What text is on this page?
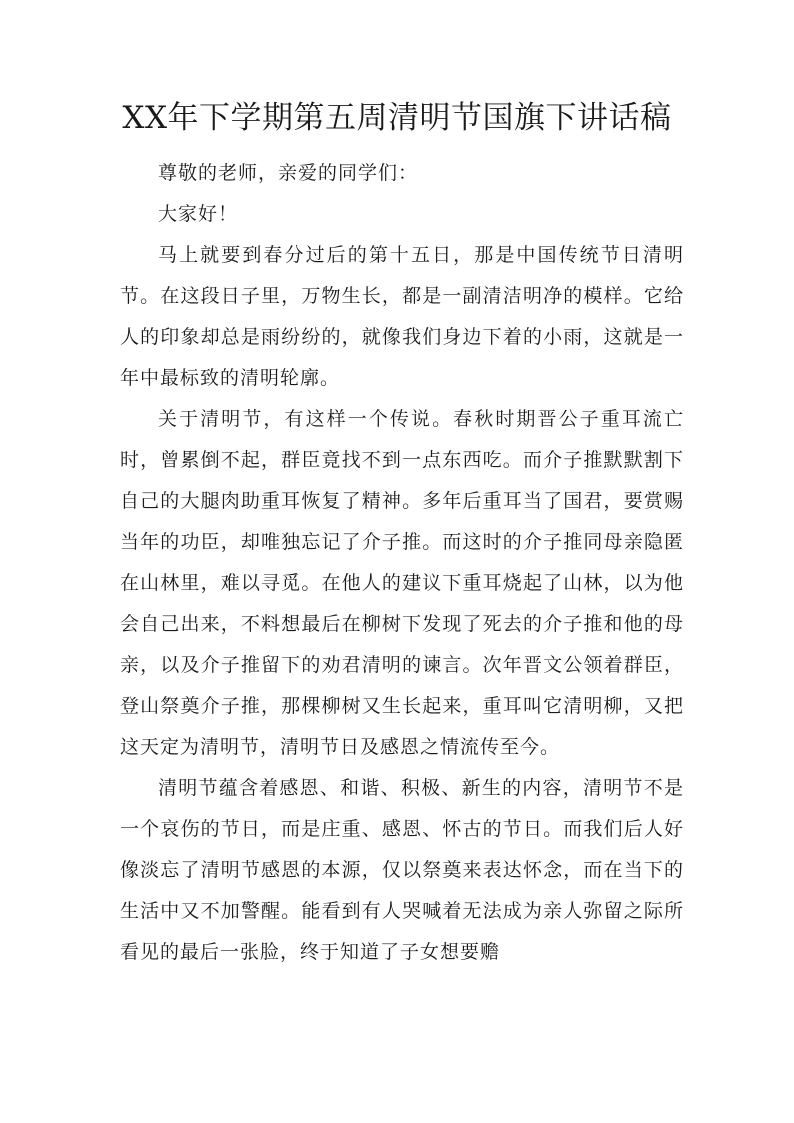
XX年下学期第五周清明节国旗下讲话稿

尊敬的老师，亲爱的同学们：

大家好！

马上就要到春分过后的第十五日，那是中国传统节日清明节。在这段日子里，万物生长，都是一副清洁明净的模样。它给人的印象却总是雨纷纷的，就像我们身边下着的小雨，这就是一年中最标致的清明轮廓。

关于清明节，有这样一个传说。春秋时期晋公子重耳流亡时，曾累倒不起，群臣竟找不到一点东西吃。而介子推默默割下自己的大腿肉助重耳恢复了精神。多年后重耳当了国君，要赏赐当年的功臣，却唯独忘记了介子推。而这时的介子推同母亲隐匿在山林里，难以寻觅。在他人的建议下重耳烧起了山林，以为他会自己出来，不料想最后在柳树下发现了死去的介子推和他的母亲，以及介子推留下的劝君清明的谏言。次年晋文公领着群臣，登山祭奠介子推，那棵柳树又生长起来，重耳叫它清明柳，又把这天定为清明节，清明节日及感恩之情流传至今。

清明节蕴含着感恩、和谐、积极、新生的内容，清明节不是一个哀伤的节日，而是庄重、感恩、怀古的节日。而我们后人好像淡忘了清明节感恩的本源，仅以祭奠来表达怀念，而在当下的生活中又不加警醒。能看到有人哭喊着无法成为亲人弥留之际所看见的最后一张脸，终于知道了子女想要赡
